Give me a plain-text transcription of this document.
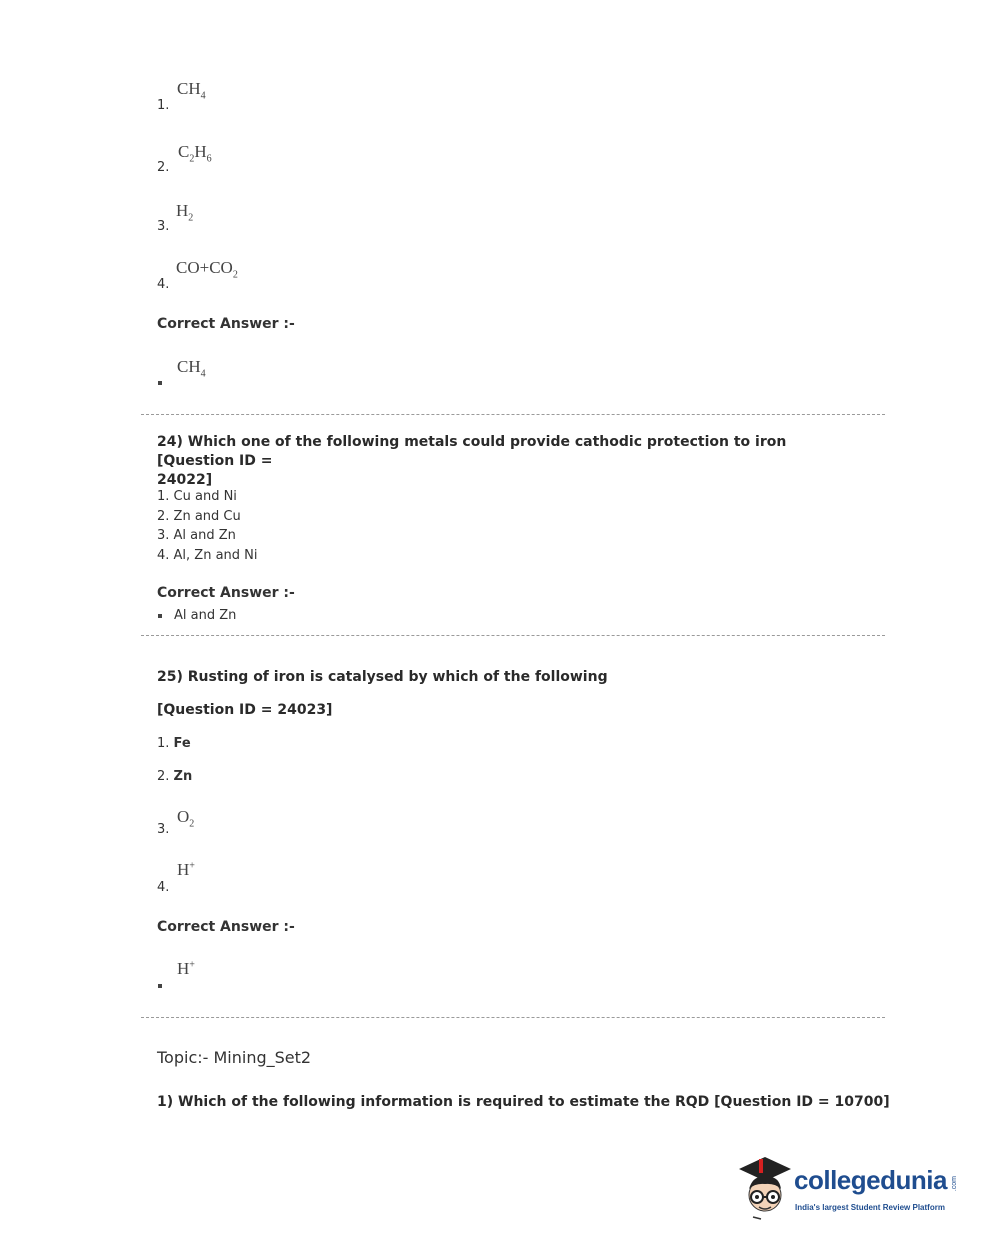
$CH_4$
1.
$C_2H_6$
2.
$H_2$
3.
$CO+CO_2$
4.
Correct Answer :-
$CH_4$
24) Which one of the following metals could provide cathodic protection to iron [Question ID =
24022]
1. Cu and Ni
2. Zn and Cu
3. Al and Zn
4. Al, Zn and Ni
Correct Answer :-
Al and Zn
25) Rusting of iron is catalysed by which of the following
[Question ID = 24023]
1. Fe
2. Zn
$O_2$
3.
H+
4.
Correct Answer :-
H+
Topic:- Mining_Set2
1) Which of the following information is required to estimate the RQD [Question ID = 10700]
collegedunia .com
India's largest Student Review Platform
